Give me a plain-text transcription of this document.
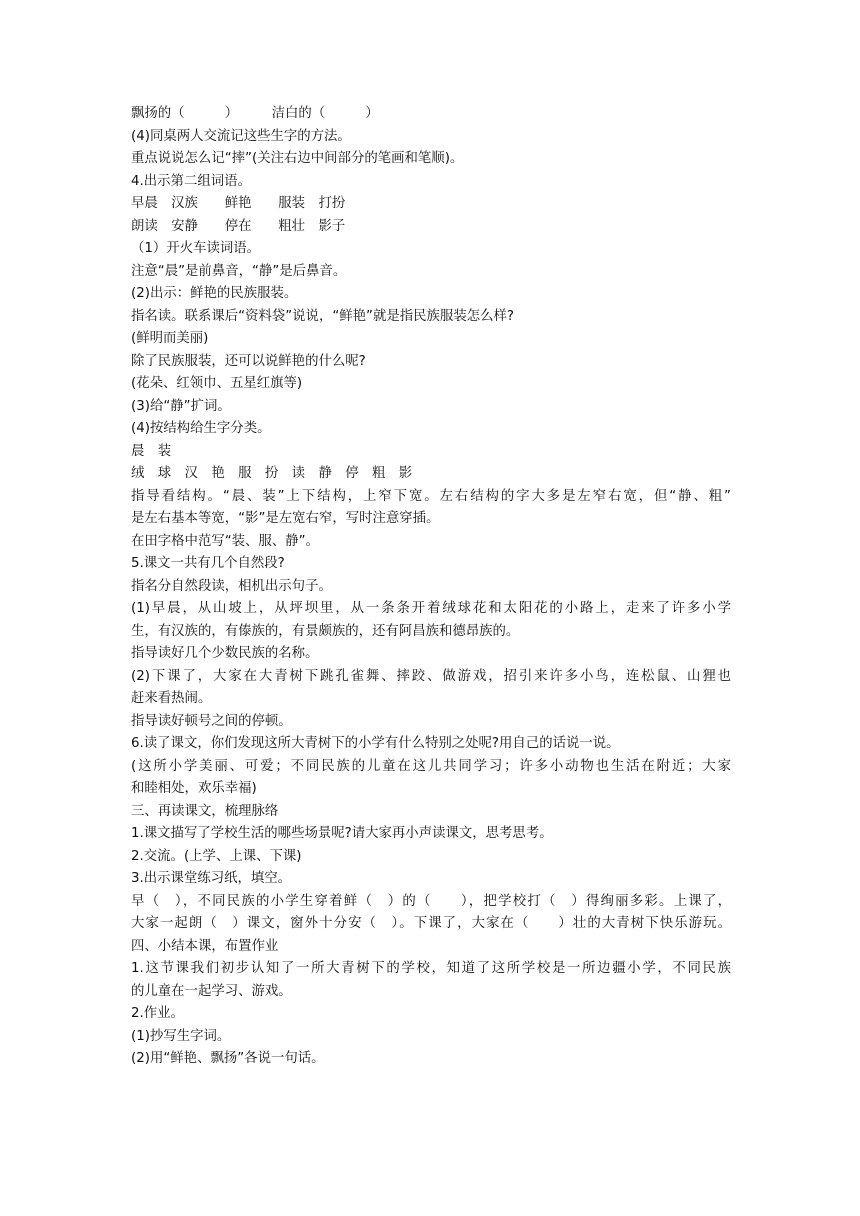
飘扬的（　　　）　　　洁白的（　　　）
(4)同桌两人交流记这些生字的方法。
重点说说怎么记“摔”(关注右边中间部分的笔画和笔顺)。
4.出示第二组词语。
早晨　汉族　　鲜艳　　服装　打扮
朗读　安静　　停在　　粗壮　影子
（1）开火车读词语。
注意“晨”是前鼻音，“静”是后鼻音。
(2)出示：鲜艳的民族服装。
指名读。联系课后“资料袋”说说，“鲜艳”就是指民族服装怎么样?
(鲜明而美丽)
除了民族服装，还可以说鲜艳的什么呢?
(花朵、红领巾、五星红旗等)
(3)给“静”扩词。
(4)按结构给生字分类。
晨　装
绒　球　汉　艳　服　扮　读　静　停　粗　影
指导看结构。“晨、装”上下结构，上窄下宽。左右结构的字大多是左窄右宽，但“静、粗”
是左右基本等宽，“影”是左宽右窄，写时注意穿插。
在田字格中范写“装、服、静”。
5.课文一共有几个自然段?
指名分自然段读，相机出示句子。
(1)早晨，从山坡上，从坪坝里，从一条条开着绒球花和太阳花的小路上，走来了许多小学
生，有汉族的，有傣族的，有景颇族的，还有阿昌族和德昂族的。
指导读好几个少数民族的名称。
(2)下课了，大家在大青树下跳孔雀舞、摔跤、做游戏，招引来许多小鸟，连松鼠、山狸也
赶来看热闹。
指导读好顿号之间的停顿。
6.读了课文，你们发现这所大青树下的小学有什么特别之处呢?用自己的话说一说。
(这所小学美丽、可爱；不同民族的儿童在这儿共同学习；许多小动物也生活在附近；大家
和睦相处，欢乐幸福)
三、再读课文，梳理脉络
1.课文描写了学校生活的哪些场景呢?请大家再小声读课文，思考思考。
2.交流。(上学、上课、下课)
3.出示课堂练习纸，填空。
早（　），不同民族的小学生穿着鲜（　）的（　　），把学校打（　）得绚丽多彩。上课了，
大家一起朗（　）课文，窗外十分安（　）。下课了，大家在（　　）壮的大青树下快乐游玩。
四、小结本课，布置作业
1.这节课我们初步认知了一所大青树下的学校，知道了这所学校是一所边疆小学，不同民族
的儿童在一起学习、游戏。
2.作业。
(1)抄写生字词。
(2)用“鲜艳、飘扬”各说一句话。
